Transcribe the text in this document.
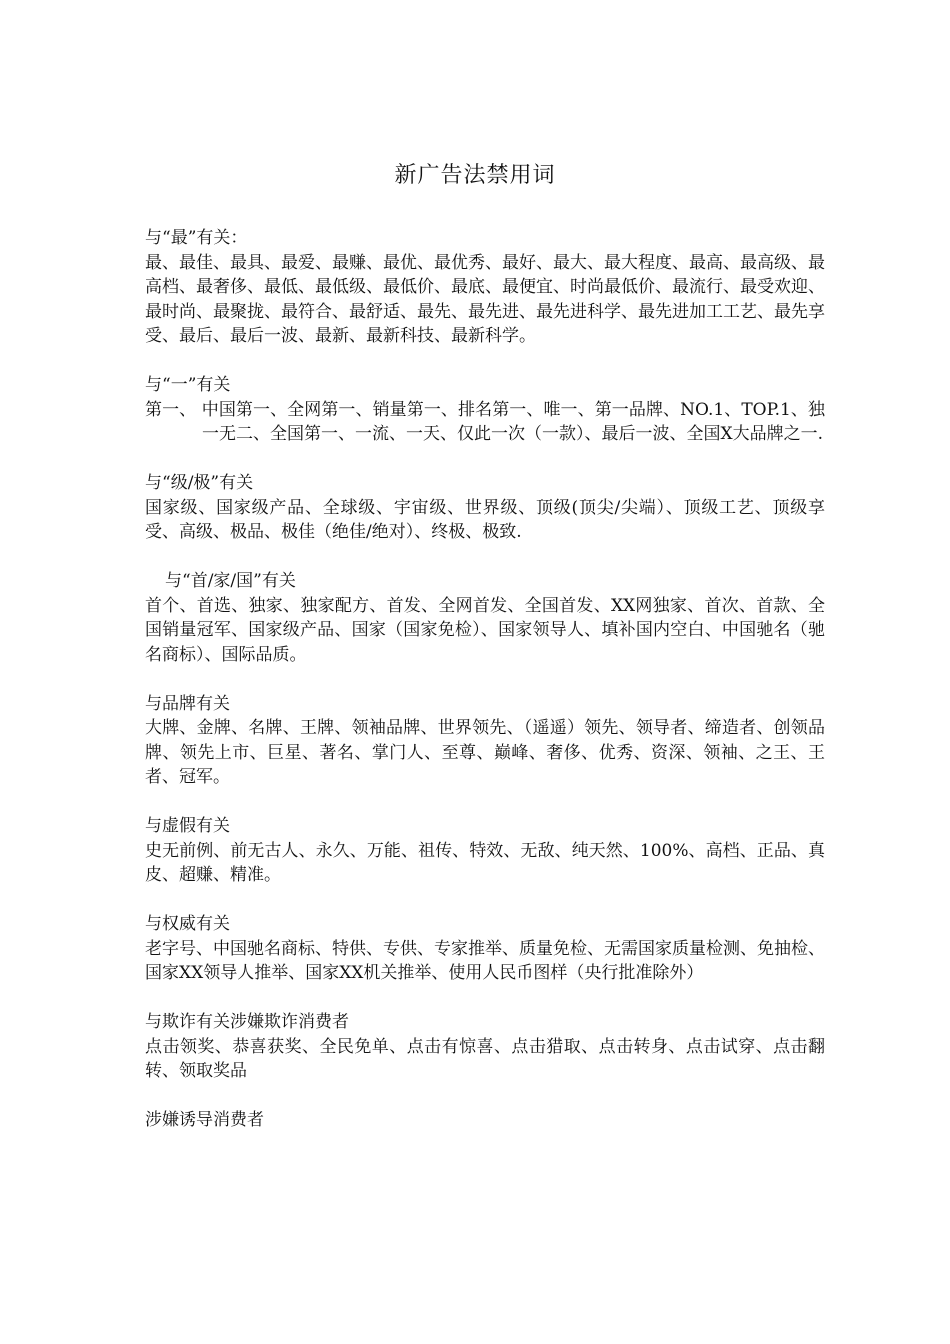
新广告法禁用词

与“最”有关：

最、最佳、最具、最爱、最赚、最优、最优秀、最好、最大、最大程度、最高、最高级、最高档、最奢侈、最低、最低级、最低价、最底、最便宜、时尚最低价、最流行、最受欢迎、最时尚、最聚拢、最符合、最舒适、最先、最先进、最先进科学、最先进加工工艺、最先享受、最后、最后一波、最新、最新科技、最新科学。

与“一”有关

第一、 中国第一、全网第一、销量第一、排名第一、唯一、第一品牌、NO.1、TOP.1、独一无二、全国第一、一流、一天、仅此一次（一款）、最后一波、全国X大品牌之一.

与“级/极”有关

国家级、国家级产品、全球级、宇宙级、世界级、顶级(顶尖/尖端）、顶级工艺、顶级享受、高级、极品、极佳（绝佳/绝对）、终极、极致.

与“首/家/国”有关

首个、首选、独家、独家配方、首发、全网首发、全国首发、XX网独家、首次、首款、全国销量冠军、国家级产品、国家（国家免检）、国家领导人、填补国内空白、中国驰名（驰名商标）、国际品质。

与品牌有关

大牌、金牌、名牌、王牌、领袖品牌、世界领先、（遥遥）领先、领导者、缔造者、创领品牌、领先上市、巨星、著名、掌门人、至尊、巅峰、奢侈、优秀、资深、领袖、之王、王者、冠军。

与虚假有关

史无前例、前无古人、永久、万能、祖传、特效、无敌、纯天然、100%、高档、正品、真皮、超赚、精准。

与权威有关

老字号、中国驰名商标、特供、专供、专家推举、质量免检、无需国家质量检测、免抽检、国家XX领导人推举、国家XX机关推举、使用人民币图样（央行批准除外）

与欺诈有关涉嫌欺诈消费者

点击领奖、恭喜获奖、全民免单、点击有惊喜、点击猎取、点击转身、点击试穿、点击翻转、领取奖品

涉嫌诱导消费者
